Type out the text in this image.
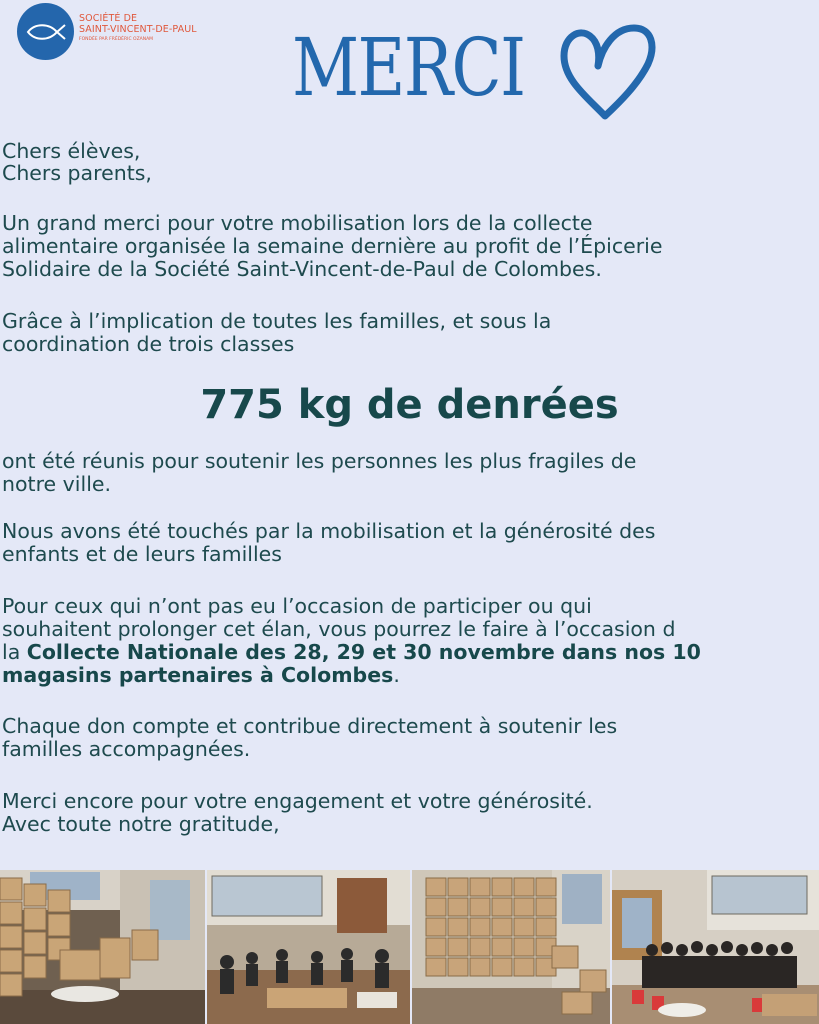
SOCIÉTÉ DE
SAINT-VINCENT-DE-PAUL
FONDÉE PAR FRÉDÉRIC OZANAM MERCI
Chers élèves,
Chers parents,
Un grand merci pour votre mobilisation lors de la collecte
alimentaire organisée la semaine dernière au profit de l’Épicerie
Solidaire de la Société Saint-Vincent-de-Paul de Colombes.
Grâce à l’implication de toutes les familles, et sous la
coordination de trois classes
775 kg de denrées
ont été réunis pour soutenir les personnes les plus fragiles de
notre ville.
Nous avons été touchés par la mobilisation et la générosité des
enfants et de leurs familles
Pour ceux qui n’ont pas eu l’occasion de participer ou qui
souhaitent prolonger cet élan, vous pourrez le faire à l’occasion d
la Collecte Nationale des 28, 29 et 30 novembre dans nos 10
magasins partenaires à Colombes.
Chaque don compte et contribue directement à soutenir les
familles accompagnées.
Merci encore pour votre engagement et votre générosité.
Avec toute notre gratitude,
